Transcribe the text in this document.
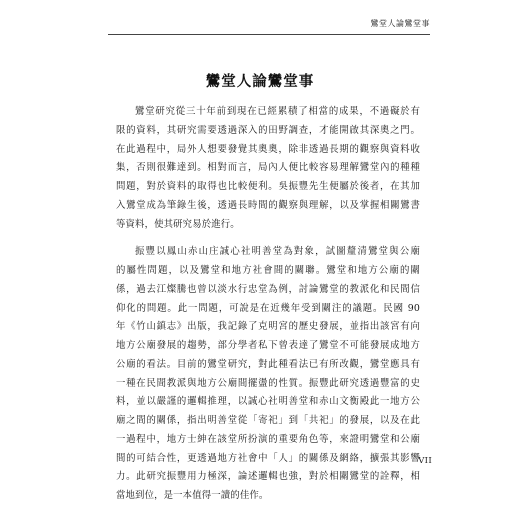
鸞堂人論鸞堂事
鸞堂人論鸞堂事
鸞堂研究從三十年前到現在已經累積了相當的成果，不過礙於有
限的資料，其研究需要透過深入的田野調查，才能開啟其深奧之門。
在此過程中，局外人想要發覺其奧奧，除非透過長期的觀察與資料收
集，否則很難達到。相對而言，局內人便比較容易理解鸞堂內的種種
問題，對於資料的取得也比較便利。吳振豐先生便屬於後者，在其加
入鸞堂成為筆錄生後，透過長時間的觀察與理解，以及掌握相關鸞書
等資料，使其研究易於進行。
振豐以鳳山赤山庄誠心社明善堂為對象，試圖釐清鸞堂與公廟
的屬性問題，以及鸞堂和地方社會間的關聯。鸞堂和地方公廟的關
係，過去江燦騰也曾以淡水行忠堂為例，討論鸞堂的教派化和民間信
仰化的問題。此一問題，可說是在近幾年受到關注的議題。民國 90
年《竹山鎮志》出版，我記錄了克明宮的歷史發展，並指出該宮有向
地方公廟發展的趨勢，部分學者私下曾表達了鸞堂不可能發展成地方
公廟的看法。目前的鸞堂研究，對此種看法已有所改觀，鸞堂應具有
一種在民間教派與地方公廟間擺盪的性質。振豐此研究透過豐富的史
料，並以嚴謹的邏輯推理，以誠心社明善堂和赤山文衡殿此一地方公
廟之間的關係，指出明善堂從「寄祀」到「共祀」的發展，以及在此
一過程中，地方士紳在該堂所扮演的重要角色等，來證明鸞堂和公廟
間的可結合性，更透過地方社會中「人」的關係及網絡，擴張其影響
力。此研究振豐用力極深，論述邏輯也強，對於相關鸞堂的詮釋，相
當地到位，是一本值得一讀的佳作。
VII
